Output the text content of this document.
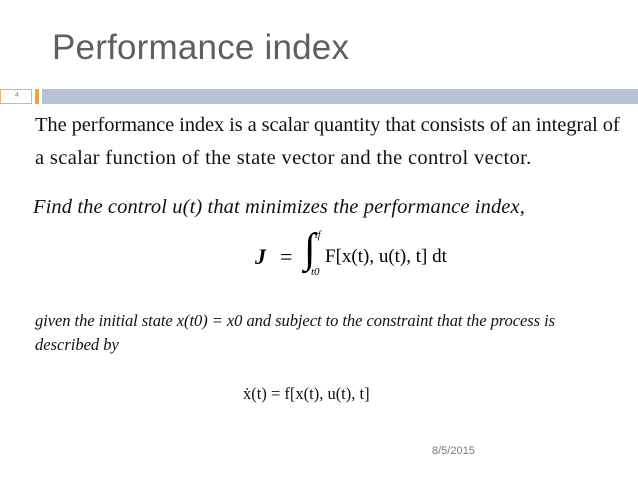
Performance index
4
The performance index is a scalar quantity that consists of an integral of
a scalar function of the state vector and the control vector.
Find the control u(t) that minimizes the performance index,
J = ∫ tf
t0
F[x(t), u(t), t] dt
given the initial state x(t0) = x0 and subject to the constraint that the process is
described by
ẋ(t) = f[x(t), u(t), t]
8/5/2015
